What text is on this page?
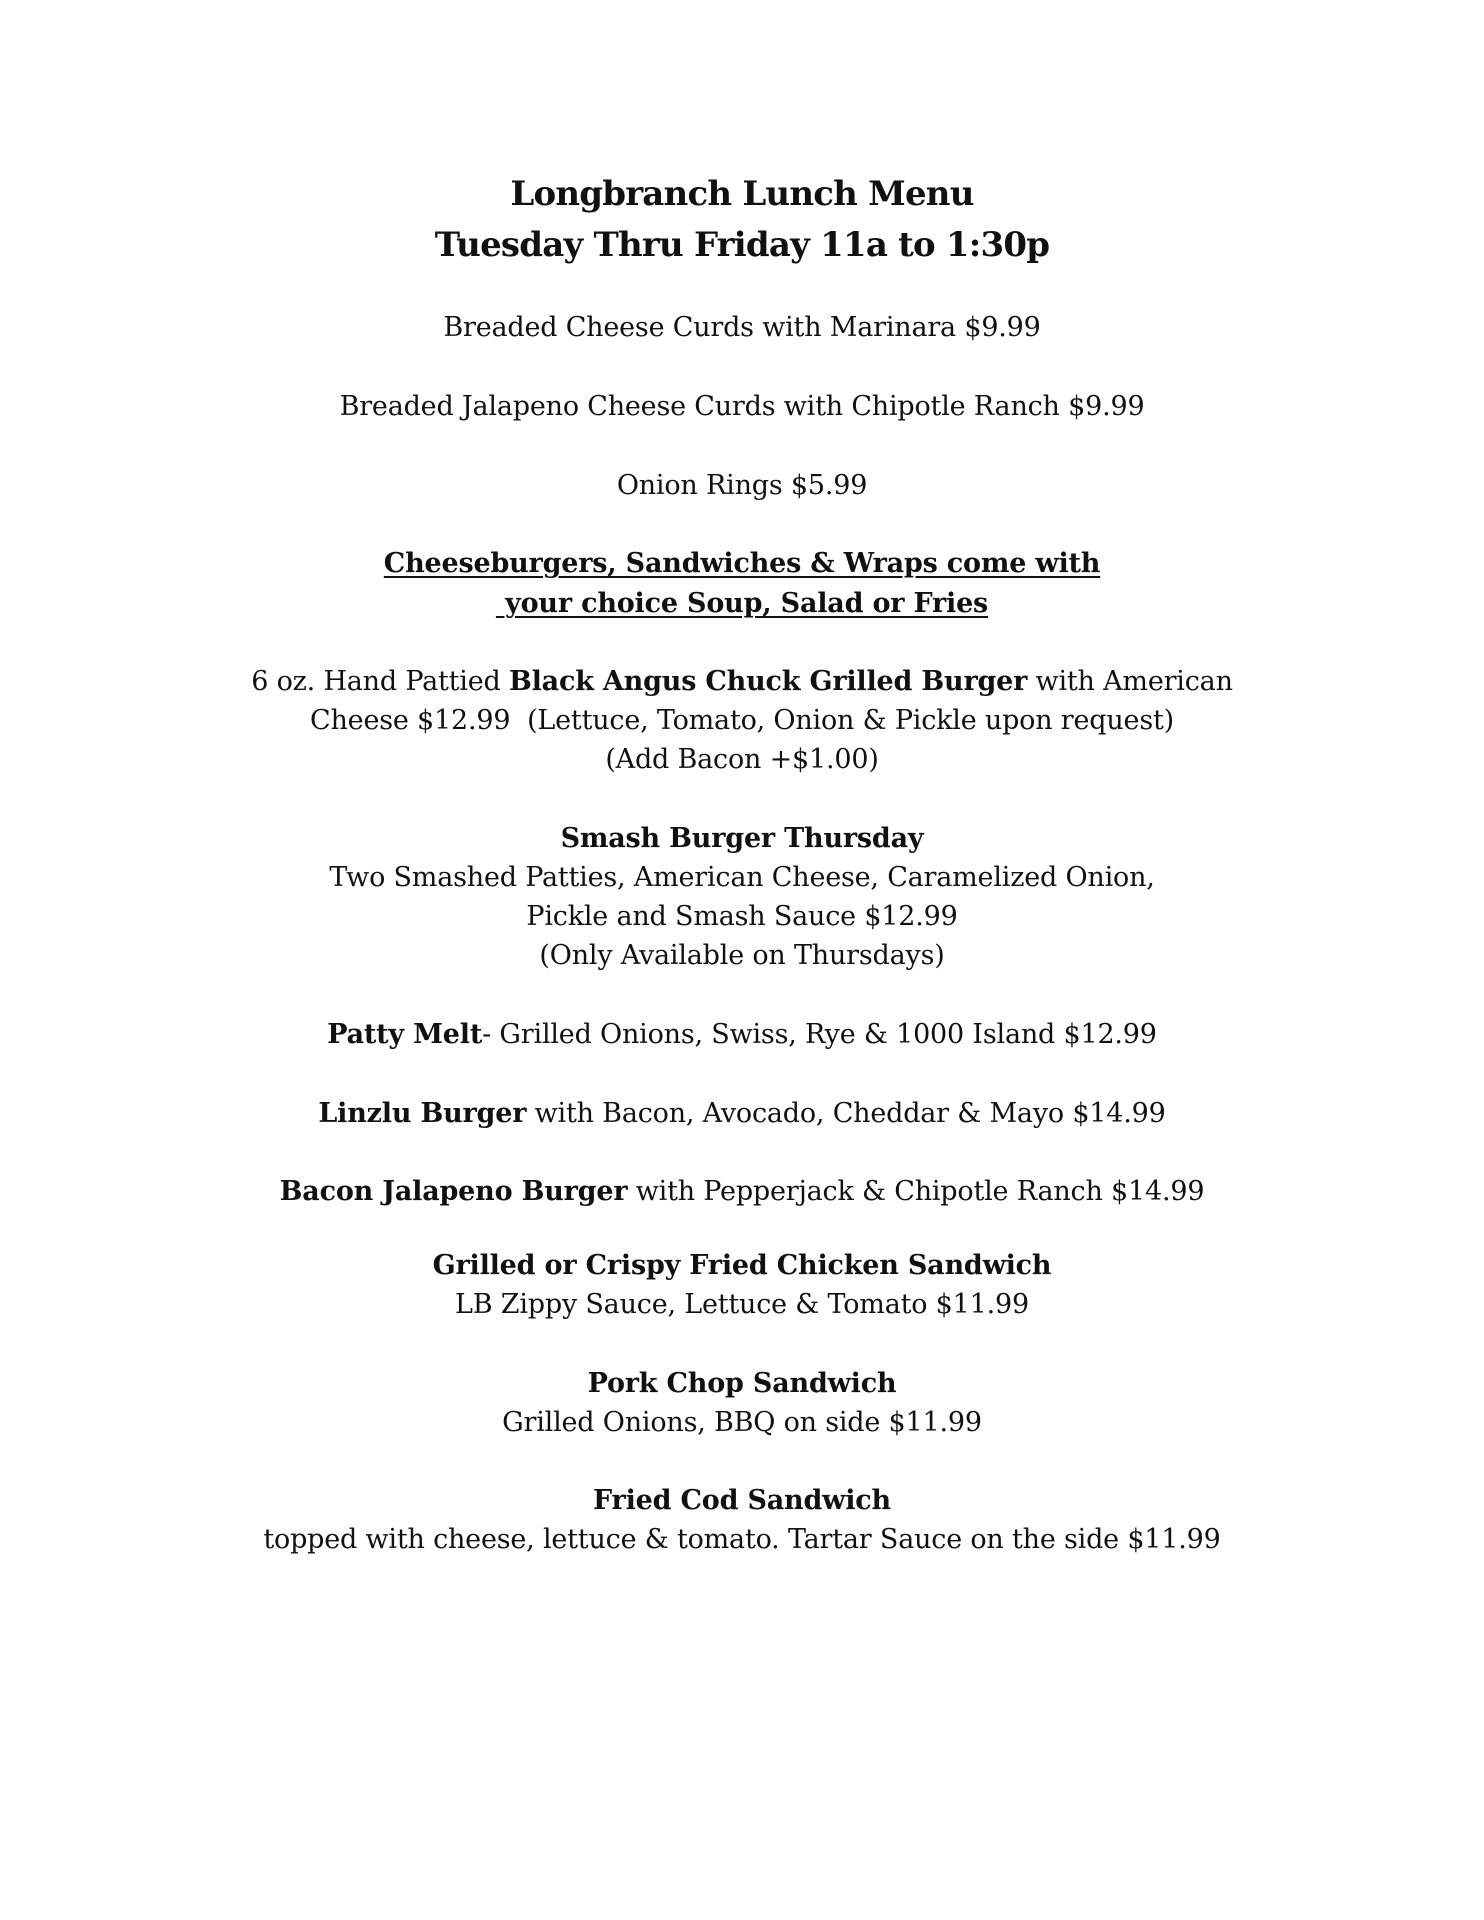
Longbranch Lunch Menu
Tuesday Thru Friday 11a to 1:30p
Breaded Cheese Curds with Marinara $9.99
Breaded Jalapeno Cheese Curds with Chipotle Ranch $9.99
Onion Rings $5.99
Cheeseburgers, Sandwiches & Wraps come with
your choice Soup, Salad or Fries
6 oz. Hand Pattied Black Angus Chuck Grilled Burger with American
Cheese $12.99  (Lettuce, Tomato, Onion & Pickle upon request)
(Add Bacon +$1.00)
Smash Burger Thursday
Two Smashed Patties, American Cheese, Caramelized Onion,
Pickle and Smash Sauce $12.99
(Only Available on Thursdays)
Patty Melt- Grilled Onions, Swiss, Rye & 1000 Island $12.99
Linzlu Burger with Bacon, Avocado, Cheddar & Mayo $14.99
Bacon Jalapeno Burger with Pepperjack & Chipotle Ranch $14.99
Grilled or Crispy Fried Chicken Sandwich
LB Zippy Sauce, Lettuce & Tomato $11.99
Pork Chop Sandwich
Grilled Onions, BBQ on side $11.99
Fried Cod Sandwich
topped with cheese, lettuce & tomato. Tartar Sauce on the side $11.99
